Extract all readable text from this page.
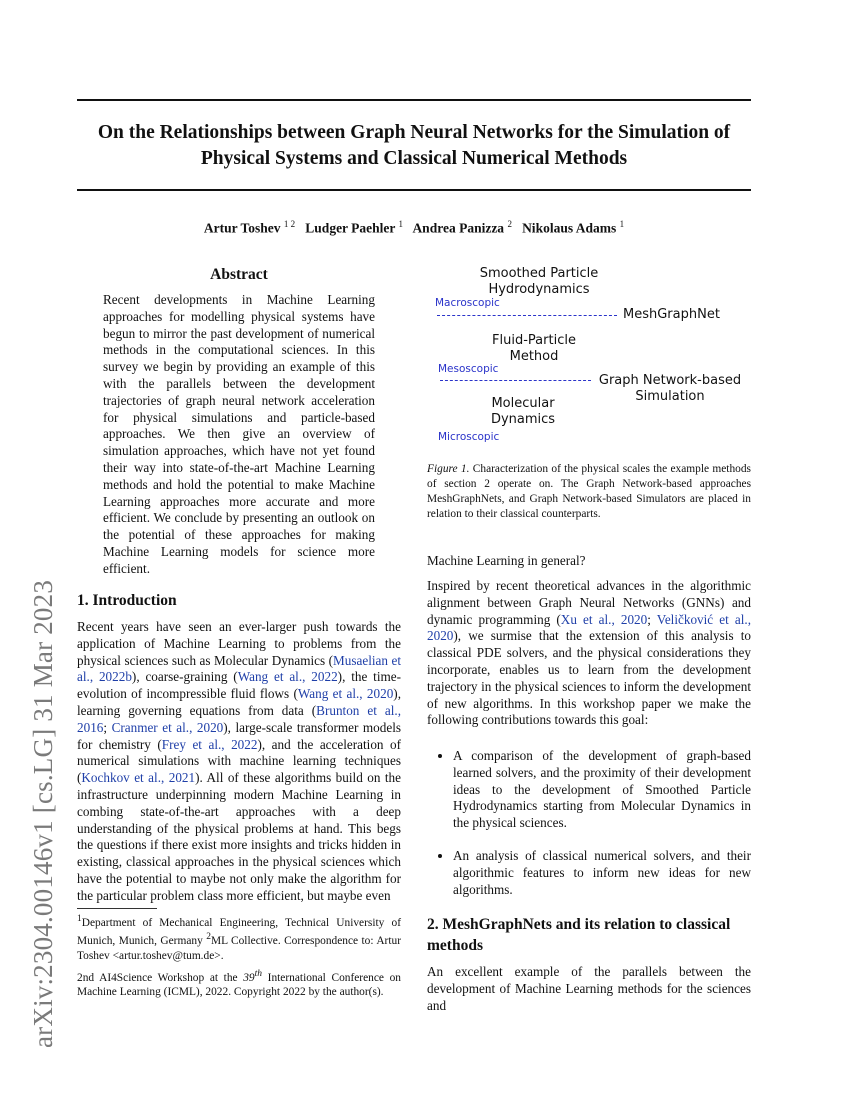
arXiv:2304.00146v1 [cs.LG] 31 Mar 2023
On the Relationships between Graph Neural Networks for the Simulation of
Physical Systems and Classical Numerical Methods
Artur Toshev $^{1 2}$ Ludger Paehler $^1$ Andrea Panizza $^2$ Nikolaus Adams $^1$
Abstract
Recent developments in Machine Learning approaches for modelling physical systems have begun to mirror the past development of numerical methods in the computational sciences. In this survey we begin by providing an example of this with the parallels between the development trajectories of graph neural network acceleration for physical simulations and particle-based approaches. We then give an overview of simulation approaches, which have not yet found their way into state-of-the-art Machine Learning methods and hold the potential to make Machine Learning approaches more accurate and more efficient. We conclude by presenting an outlook on the potential of these approaches for making Machine Learning models for science more efficient.
1. Introduction
Recent years have seen an ever-larger push towards the application of Machine Learning to problems from the physical sciences such as Molecular Dynamics (Musaelian et al., 2022b), coarse-graining (Wang et al., 2022), the time-evolution of incompressible fluid flows (Wang et al., 2020), learning governing equations from data (Brunton et al., 2016; Cranmer et al., 2020), large-scale transformer models for chemistry (Frey et al., 2022), and the acceleration of numerical simulations with machine learning techniques (Kochkov et al., 2021). All of these algorithms build on the infrastructure underpinning modern Machine Learning in combing state-of-the-art approaches with a deep understanding of the physical problems at hand. This begs the questions if there exist more insights and tricks hidden in existing, classical approaches in the physical sciences which have the potential to maybe not only make the algorithm for the particular problem class more efficient, but maybe even
$^1$Department of Mechanical Engineering, Technical University of Munich, Munich, Germany $^2$ML Collective. Correspondence to: Artur Toshev <artur.toshev@tum.de>.
2nd AI4Science Workshop at the 39th International Conference on Machine Learning (ICML), 2022. Copyright 2022 by the author(s).
Smoothed Particle Hydrodynamics
Macroscopic
MeshGraphNet
Fluid-Particle Method
Mesoscopic
Graph Network-based Simulation
Molecular Dynamics
Microscopic
Figure 1. Characterization of the physical scales the example methods of section 2 operate on. The Graph Network-based approaches MeshGraphNets, and Graph Network-based Simulators are placed in relation to their classical counterparts.
Machine Learning in general?
Inspired by recent theoretical advances in the algorithmic alignment between Graph Neural Networks (GNNs) and dynamic programming (Xu et al., 2020; Veličković et al., 2020), we surmise that the extension of this analysis to classical PDE solvers, and the physical considerations they incorporate, enables us to learn from the development trajectory in the physical sciences to inform the development of new algorithms. In this workshop paper we make the following contributions towards this goal:
• A comparison of the development of graph-based learned solvers, and the proximity of their development ideas to the development of Smoothed Particle Hydrodynamics starting from Molecular Dynamics in the physical sciences.
• An analysis of classical numerical solvers, and their algorithmic features to inform new ideas for new algorithms.
2. MeshGraphNets and its relation to classical methods
An excellent example of the parallels between the development of Machine Learning methods for the sciences and
